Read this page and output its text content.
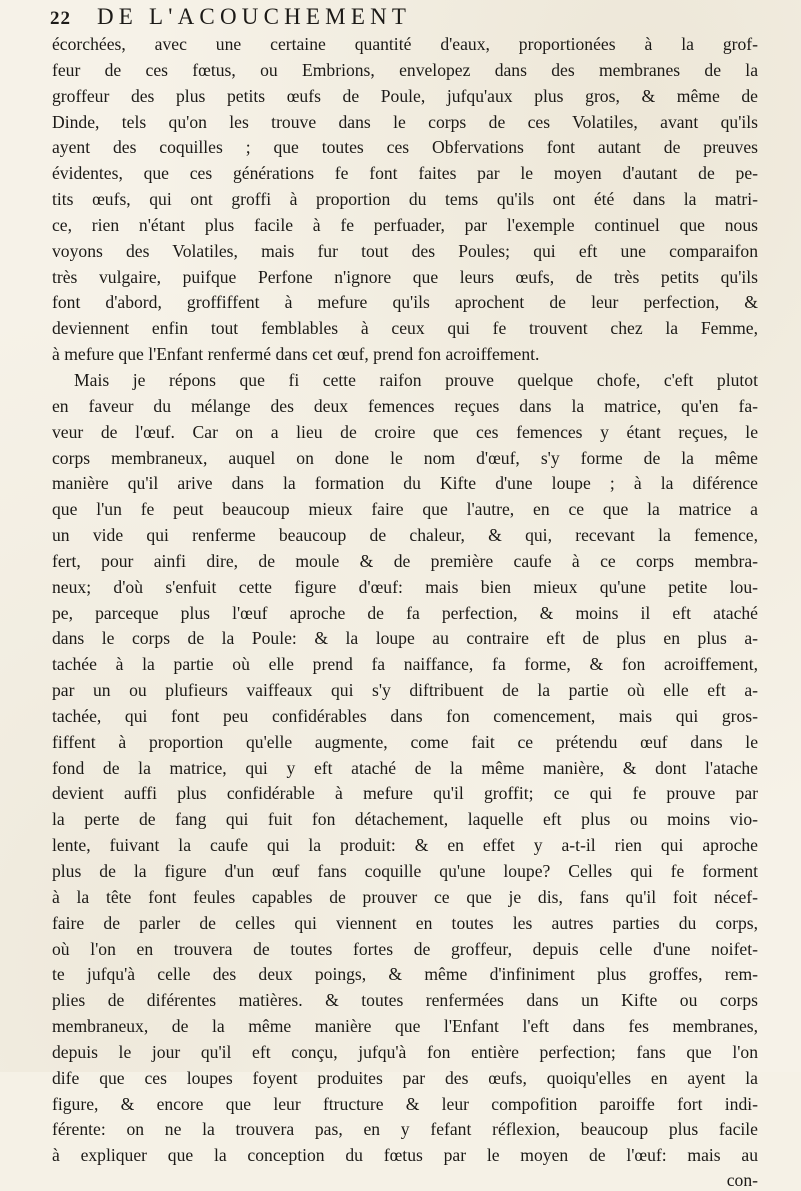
22 DE L'ACOUCHEMENT
écorchées, avec une certaine quantité d'eaux, proportionées à la grof-
feur de ces fœtus, ou Embrions, envelopez dans des membranes de la
groffeur des plus petits œufs de Poule, jufqu'aux plus gros, & même de
Dinde, tels qu'on les trouve dans le corps de ces Volatiles, avant qu'ils
ayent des coquilles ; que toutes ces Obfervations font autant de preuves
évidentes, que ces générations fe font faites par le moyen d'autant de pe-
tits œufs, qui ont groffi à proportion du tems qu'ils ont été dans la matri-
ce, rien n'étant plus facile à fe perfuader, par l'exemple continuel que nous
voyons des Volatiles, mais fur tout des Poules; qui eft une comparaifon
très vulgaire, puifque Perfone n'ignore que leurs œufs, de très petits qu'ils
font d'abord, groffiffent à mefure qu'ils aprochent de leur perfection, &
deviennent enfin tout femblables à ceux qui fe trouvent chez la Femme,
à mefure que l'Enfant renfermé dans cet œuf, prend fon acroiffement.
Mais je répons que fi cette raifon prouve quelque chofe, c'eft plutot
en faveur du mélange des deux femences reçues dans la matrice, qu'en fa-
veur de l'œuf. Car on a lieu de croire que ces femences y étant reçues, le
corps membraneux, auquel on done le nom d'œuf, s'y forme de la même
manière qu'il arive dans la formation du Kifte d'une loupe ; à la diférence
que l'un fe peut beaucoup mieux faire que l'autre, en ce que la matrice a
un vide qui renferme beaucoup de chaleur, & qui, recevant la femence,
fert, pour ainfi dire, de moule & de première caufe à ce corps membra-
neux; d'où s'enfuit cette figure d'œuf: mais bien mieux qu'une petite lou-
pe, parceque plus l'œuf aproche de fa perfection, & moins il eft ataché
dans le corps de la Poule: & la loupe au contraire eft de plus en plus a-
tachée à la partie où elle prend fa naiffance, fa forme, & fon acroiffement,
par un ou plufieurs vaiffeaux qui s'y diftribuent de la partie où elle eft a-
tachée, qui font peu confidérables dans fon comencement, mais qui gros-
fiffent à proportion qu'elle augmente, come fait ce prétendu œuf dans le
fond de la matrice, qui y eft ataché de la même manière, & dont l'atache
devient auffi plus confidérable à mefure qu'il groffit; ce qui fe prouve par
la perte de fang qui fuit fon détachement, laquelle eft plus ou moins vio-
lente, fuivant la caufe qui la produit: & en effet y a-t-il rien qui aproche
plus de la figure d'un œuf fans coquille qu'une loupe? Celles qui fe forment
à la tête font feules capables de prouver ce que je dis, fans qu'il foit nécef-
faire de parler de celles qui viennent en toutes les autres parties du corps,
où l'on en trouvera de toutes fortes de groffeur, depuis celle d'une noifet-
te jufqu'à celle des deux poings, & même d'infiniment plus groffes, rem-
plies de diférentes matières. & toutes renfermées dans un Kifte ou corps
membraneux, de la même manière que l'Enfant l'eft dans fes membranes,
depuis le jour qu'il eft conçu, jufqu'à fon entière perfection; fans que l'on
dife que ces loupes foyent produites par des œufs, quoiqu'elles en ayent la
figure, & encore que leur ftructure & leur compofition paroiffe fort indi-
férente: on ne la trouvera pas, en y fefant réflexion, beaucoup plus facile
à expliquer que la conception du fœtus par le moyen de l'œuf: mais au
con-
